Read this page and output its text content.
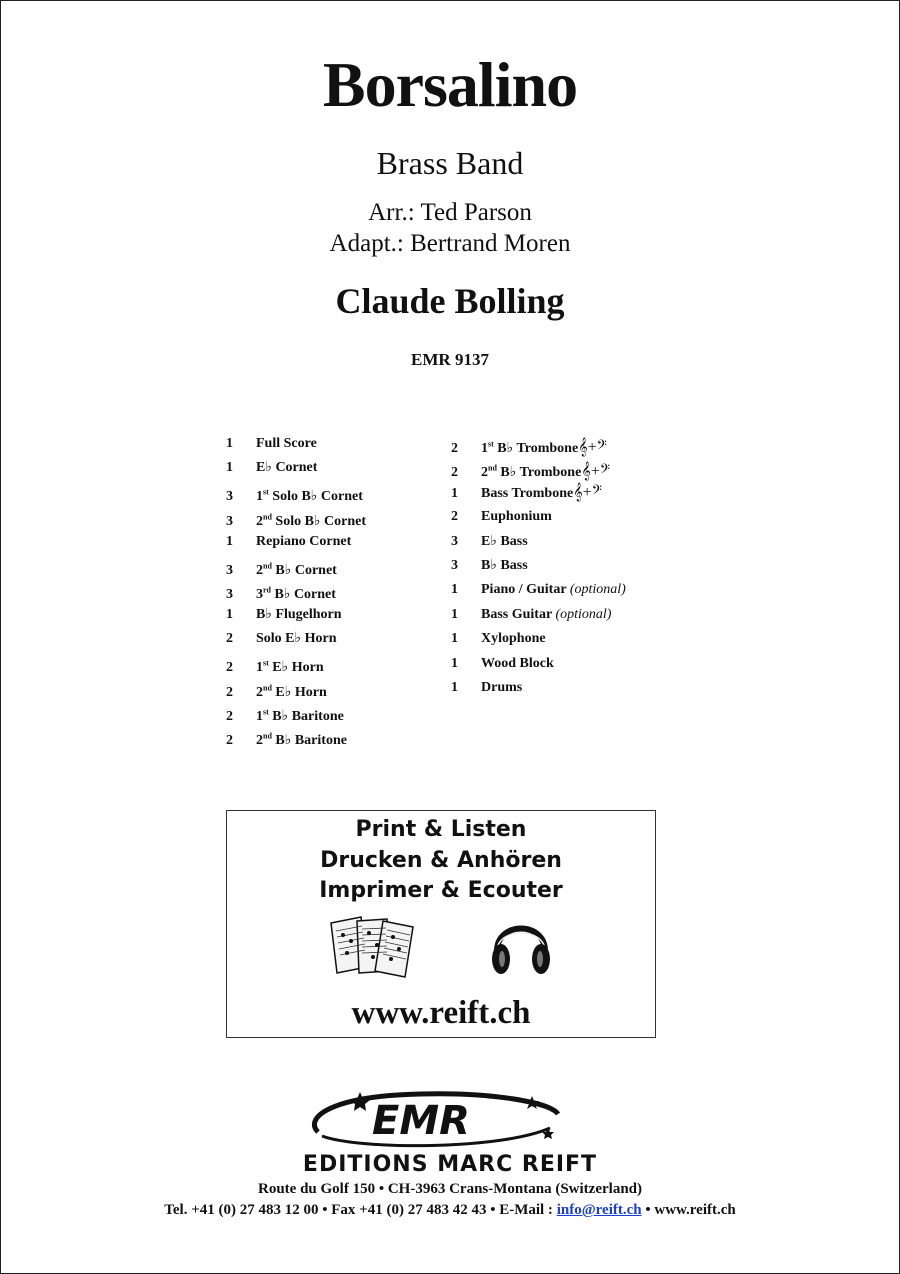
Borsalino
Brass Band
Arr.: Ted Parson
Adapt.: Bertrand Moren
Claude Bolling
EMR 9137
1 Full Score
1 E♭ Cornet
3 1st Solo B♭ Cornet
3 2nd Solo B♭ Cornet
1 Repiano Cornet
3 2nd B♭ Cornet
3 3rd B♭ Cornet
1 B♭ Flugelhorn
2 Solo E♭ Horn
2 1st E♭ Horn
2 2nd E♭ Horn
2 1st B♭ Baritone
2 2nd B♭ Baritone
2 1st B♭ Trombone𝄞+𝄢
2 2nd B♭ Trombone𝄞+𝄢
1 Bass Trombone𝄞+𝄢
2 Euphonium
3 E♭ Bass
3 B♭ Bass
1 Piano / Guitar (optional)
1 Bass Guitar (optional)
1 Xylophone
1 Wood Block
1 Drums
Print & Listen
Drucken & Anhören
Imprimer & Ecouter
www.reift.ch
EMR
EDITIONS MARC REIFT
Route du Golf 150 • CH-3963 Crans-Montana (Switzerland)
Tel. +41 (0) 27 483 12 00 • Fax +41 (0) 27 483 42 43 • E-Mail : info@reift.ch • www.reift.ch
